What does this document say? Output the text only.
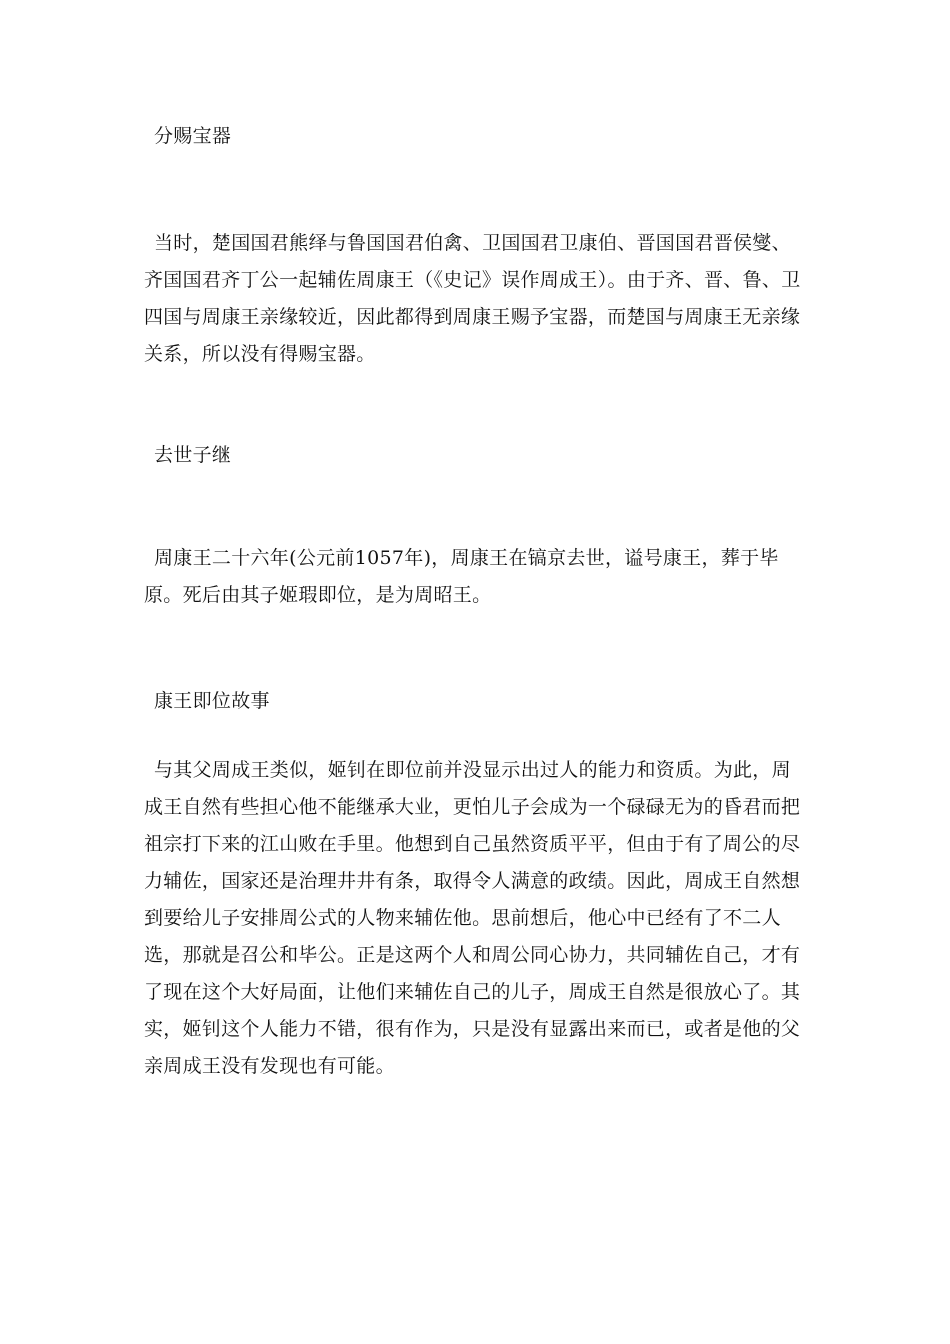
分赐宝器

当时，楚国国君熊绎与鲁国国君伯禽、卫国国君卫康伯、晋国国君晋侯燮、齐国国君齐丁公一起辅佐周康王（《史记》误作周成王）。由于齐、晋、鲁、卫四国与周康王亲缘较近，因此都得到周康王赐予宝器，而楚国与周康王无亲缘关系，所以没有得赐宝器。

去世子继

周康王二十六年(公元前1057年)，周康王在镐京去世，谥号康王，葬于毕原。死后由其子姬瑕即位，是为周昭王。

康王即位故事

与其父周成王类似，姬钊在即位前并没显示出过人的能力和资质。为此，周成王自然有些担心他不能继承大业，更怕儿子会成为一个碌碌无为的昏君而把祖宗打下来的江山败在手里。他想到自己虽然资质平平，但由于有了周公的尽力辅佐，国家还是治理井井有条，取得令人满意的政绩。因此，周成王自然想到要给儿子安排周公式的人物来辅佐他。思前想后，他心中已经有了不二人选，那就是召公和毕公。正是这两个人和周公同心协力，共同辅佐自己，才有了现在这个大好局面，让他们来辅佐自己的儿子，周成王自然是很放心了。其实，姬钊这个人能力不错，很有作为，只是没有显露出来而已，或者是他的父亲周成王没有发现也有可能。
